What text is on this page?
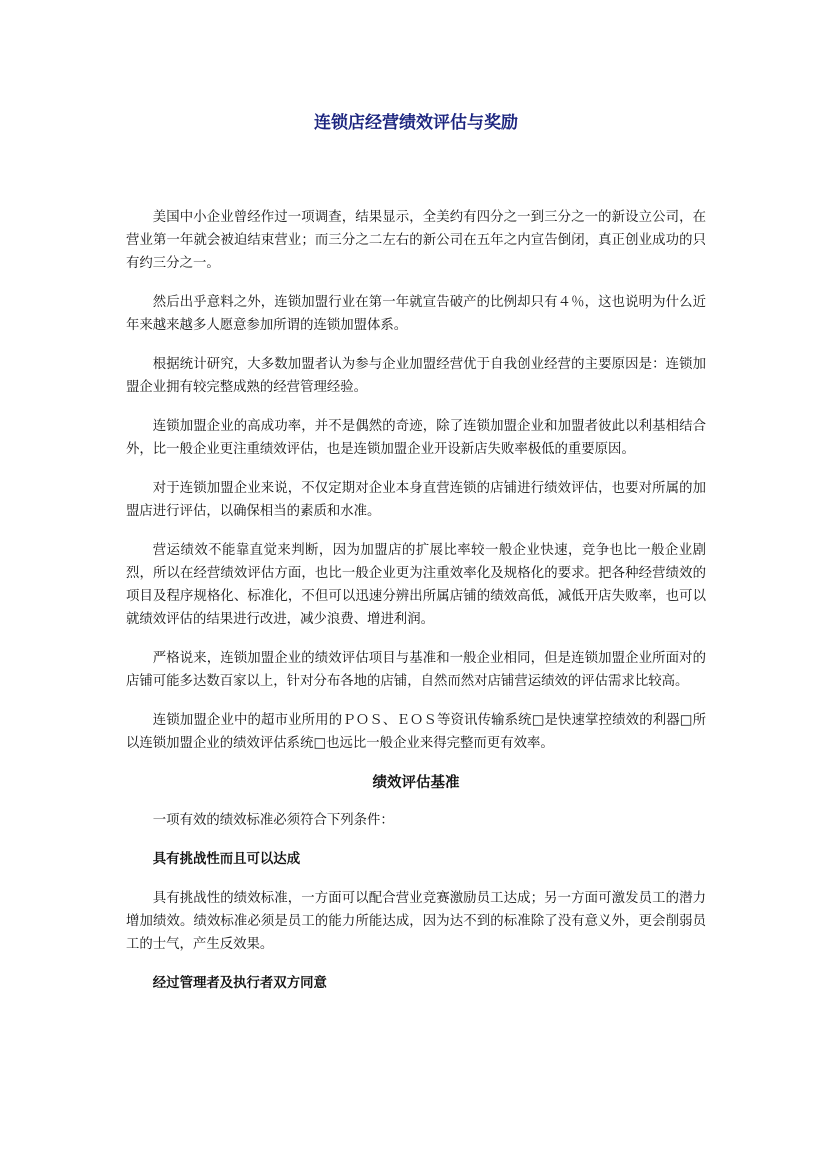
连锁店经营绩效评估与奖励

美国中小企业曾经作过一项调查，结果显示，全美约有四分之一到三分之一的新设立公司，在营业第一年就会被迫结束营业；而三分之二左右的新公司在五年之内宣告倒闭，真正创业成功的只有约三分之一。

然后出乎意料之外，连锁加盟行业在第一年就宣告破产的比例却只有４％，这也说明为什么近年来越来越多人愿意参加所谓的连锁加盟体系。

根据统计研究，大多数加盟者认为参与企业加盟经营优于自我创业经营的主要原因是：连锁加盟企业拥有较完整成熟的经营管理经验。

连锁加盟企业的高成功率，并不是偶然的奇迹，除了连锁加盟企业和加盟者彼此以利基相结合外，比一般企业更注重绩效评估，也是连锁加盟企业开设新店失败率极低的重要原因。

对于连锁加盟企业来说，不仅定期对企业本身直营连锁的店铺进行绩效评估，也要对所属的加盟店进行评估，以确保相当的素质和水准。

营运绩效不能靠直觉来判断，因为加盟店的扩展比率较一般企业快速，竞争也比一般企业剧烈，所以在经营绩效评估方面，也比一般企业更为注重效率化及规格化的要求。把各种经营绩效的项目及程序规格化、标准化，不但可以迅速分辨出所属店铺的绩效高低，减低开店失败率，也可以就绩效评估的结果进行改进，减少浪费、增进利润。

严格说来，连锁加盟企业的绩效评估项目与基准和一般企业相同，但是连锁加盟企业所面对的店铺可能多达数百家以上，针对分布各地的店铺，自然而然对店铺营运绩效的评估需求比较高。

连锁加盟企业中的超市业所用的ＰＯＳ、ＥＯＳ等资讯传输系统□是快速掌控绩效的利器□所以连锁加盟企业的绩效评估系统□也远比一般企业来得完整而更有效率。

绩效评估基准

一项有效的绩效标准必须符合下列条件：

具有挑战性而且可以达成

具有挑战性的绩效标准，一方面可以配合营业竞赛激励员工达成；另一方面可激发员工的潜力增加绩效。绩效标准必须是员工的能力所能达成，因为达不到的标准除了没有意义外，更会削弱员工的士气，产生反效果。

经过管理者及执行者双方同意
